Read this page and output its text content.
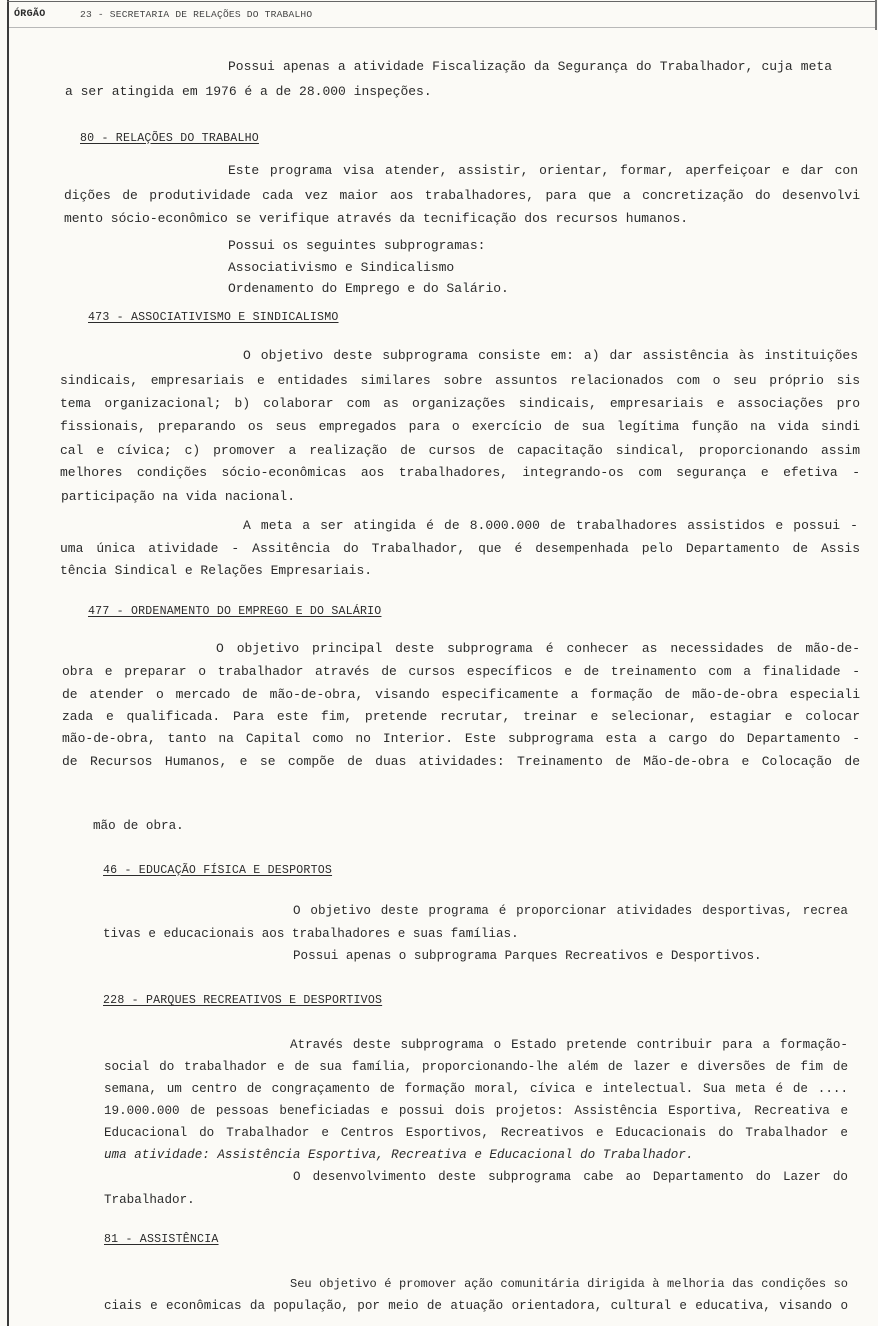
ÓRGÃO	23 - SECRETARIA DE RELAÇÕES DO TRABALHO
Possui apenas a atividade Fiscalização da Segurança do Trabalhador, cuja meta
a ser atingida em 1976 é a de 28.000 inspeções.
80 - RELAÇÕES DO TRABALHO
Este programa visa atender, assistir, orientar, formar, aperfeiçoar e dar con
dições de produtividade cada vez maior aos trabalhadores, para que a concretização do desenvolvi
mento sócio-econômico se verifique através da tecnificação dos recursos humanos.
Possui os seguintes subprogramas:
Associativismo e Sindicalismo
Ordenamento do Emprego e do Salário.
473 - ASSOCIATIVISMO E SINDICALISMO
O objetivo deste subprograma consiste em: a) dar assistência às instituições
sindicais, empresariais e entidades similares sobre assuntos relacionados com o seu próprio sis
tema organizacional; b) colaborar com as organizações sindicais, empresariais e associações pro
fissionais, preparando os seus empregados para o exercício de sua legítima função na vida sindi
cal e cívica; c) promover a realização de cursos de capacitação sindical, proporcionando assim
melhores condições sócio-econômicas aos trabalhadores, integrando-os com segurança e efetiva -
participação na vida nacional.
A meta a ser atingida é de 8.000.000 de trabalhadores assistidos e possui -
uma única atividade - Assitência do Trabalhador, que é desempenhada pelo Departamento de Assis
tência Sindical e Relações Empresariais.
477 - ORDENAMENTO DO EMPREGO E DO SALÁRIO
O objetivo principal deste subprograma é conhecer as necessidades de mão-de-
obra e preparar o trabalhador através de cursos específicos e de treinamento com a finalidade -
de atender o mercado de mão-de-obra, visando especificamente a formação de mão-de-obra especiali
zada e qualificada. Para este fim, pretende recrutar, treinar e selecionar, estagiar e colocar
mão-de-obra, tanto na Capital como no Interior. Este subprograma esta a cargo do Departamento -
de Recursos Humanos, e se compõe de duas atividades: Treinamento de Mão-de-obra e Colocação de
mão de obra.
46 - EDUCAÇÃO FÍSICA E DESPORTOS
O objetivo deste programa é proporcionar atividades desportivas, recrea
tivas e educacionais aos trabalhadores e suas famílias.
Possui apenas o subprograma Parques Recreativos e Desportivos.
228 - PARQUES RECREATIVOS E DESPORTIVOS
Através deste subprograma o Estado pretende contribuir para a formação-
social do trabalhador e de sua família, proporcionando-lhe além de lazer e diversões de fim de
semana, um centro de congraçamento de formação moral, cívica e intelectual. Sua meta é de ....
19.000.000 de pessoas beneficiadas e possui dois projetos: Assistência Esportiva, Recreativa e
Educacional do Trabalhador e Centros Esportivos, Recreativos e Educacionais do Trabalhador e
uma atividade: Assistência Esportiva, Recreativa e Educacional do Trabalhador.
O desenvolvimento deste subprograma cabe ao Departamento do Lazer do
Trabalhador.
81 - ASSISTÊNCIA
Seu objetivo é promover ação comunitária dirigida à melhoria das condições so
ciais e econômicas da população, por meio de atuação orientadora, cultural e educativa, visando o
